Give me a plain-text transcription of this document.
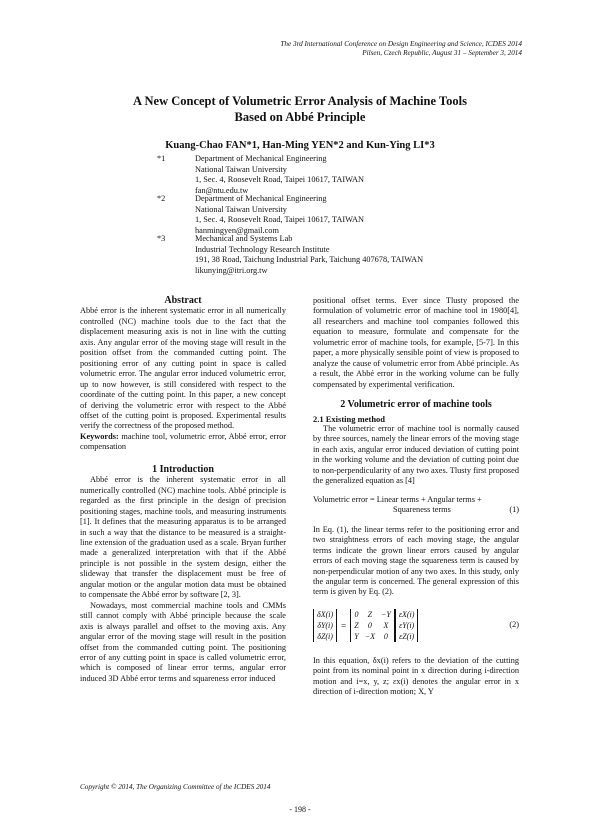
The 3rd International Conference on Design Engineering and Science, ICDES 2014
Pilsen, Czech Republic, August 31 – September 3, 2014
A New Concept of Volumetric Error Analysis of Machine Tools
Based on Abbé Principle
Kuang-Chao FAN*1, Han-Ming YEN*2 and Kun-Ying LI*3
*1	Department of Mechanical Engineering
National Taiwan University
1, Sec. 4, Roosevelt Road, Taipei 10617, TAIWAN
fan@ntu.edu.tw
*2	Department of Mechanical Engineering
National Taiwan University
1, Sec. 4, Roosevelt Road, Taipei 10617, TAIWAN
hanmingyen@gmail.com
*3	Mechanical and Systems Lab
Industrial Technology Research Institute
191, 38 Road, Taichung Industrial Park, Taichung 407678, TAIWAN
likunying@itri.org.tw
Abstract

Abbé error is the inherent systematic error in all numerically controlled (NC) machine tools due to the fact that the displacement measuring axis is not in line with the cutting axis. Any angular error of the moving stage will result in the position offset from the commanded cutting point. The positioning error of any cutting point in space is called volumetric error. The angular error induced volumetric error, up to now however, is still considered with respect to the coordinate of the cutting point. In this paper, a new concept of deriving the volumetric error with respect to the Abbé offset of the cutting point is proposed. Experimental results verify the correctness of the proposed method.

Keywords: machine tool, volumetric error, Abbé error, error compensation

1 Introduction

Abbé error is the inherent systematic error in all numerically controlled (NC) machine tools. Abbé principle is regarded as the first principle in the design of precision positioning stages, machine tools, and measuring instruments [1]. It defines that the measuring apparatus is to be arranged in such a way that the distance to be measured is a straight-line extension of the graduation used as a scale. Bryan further made a generalized interpretation with that if the Abbé principle is not possible in the system design, either the slideway that transfer the displacement must be free of angular motion or the angular motion data must be obtained to compensate the Abbé error by software [2, 3].

Nowadays, most commercial machine tools and CMMs still cannot comply with Abbé principle because the scale axis is always parallel and offset to the moving axis. Any angular error of the moving stage will result in the position offset from the commanded cutting point. The positioning error of any cutting point in space is called volumetric error, which is composed of linear error terms, angular error induced 3D Abbé error terms and squareness error induced

positional offset terms. Ever since Tlusty proposed the formulation of volumetric error of machine tool in 1980[4], all researchers and machine tool companies followed this equation to measure, formulate and compensate for the volumetric error of machine tools, for example, [5-7]. In this paper, a more physically sensible point of view is proposed to analyze the cause of volumetric error from Abbé principle. As a result, the Abbé error in the working volume can be fully compensated by experimental verification.

2 Volumetric error of machine tools
2.1 Existing method

The volumetric error of machine tool is normally caused by three sources, namely the linear errors of the moving stage in each axis, angular error induced deviation of cutting point in the working volume and the deviation of cutting point due to non-perpendicularity of any two axes. Tlusty first proposed the generalized equation as [4]

Volumetric error = Linear terms + Angular terms +
Squareness terms	(1)

In Eq. (1), the linear terms refer to the positioning error and two straightness errors of each moving stage, the angular terms indicate the grown linear errors caused by angular errors of each moving stage the squareness term is caused by non-perpendicular motion of any two axes. In this study, only the angular term is concerned. The general expression of this term is given by Eq. (2).

δX(i)
δY(i)
δZ(i)
=
0	Z	−Y
Z	0	X
Y	−X	0
εX(i)
εY(i)
εZ(i)
(2)

In this equation, δx(i) refers to the deviation of the cutting point from its nominal point in x direction during i-direction motion and i=x, y, z; εx(i) denotes the angular error in x direction of i-direction motion; X, Y

Copyright © 2014, The Organizing Committee of the ICDES 2014
- 198 -
